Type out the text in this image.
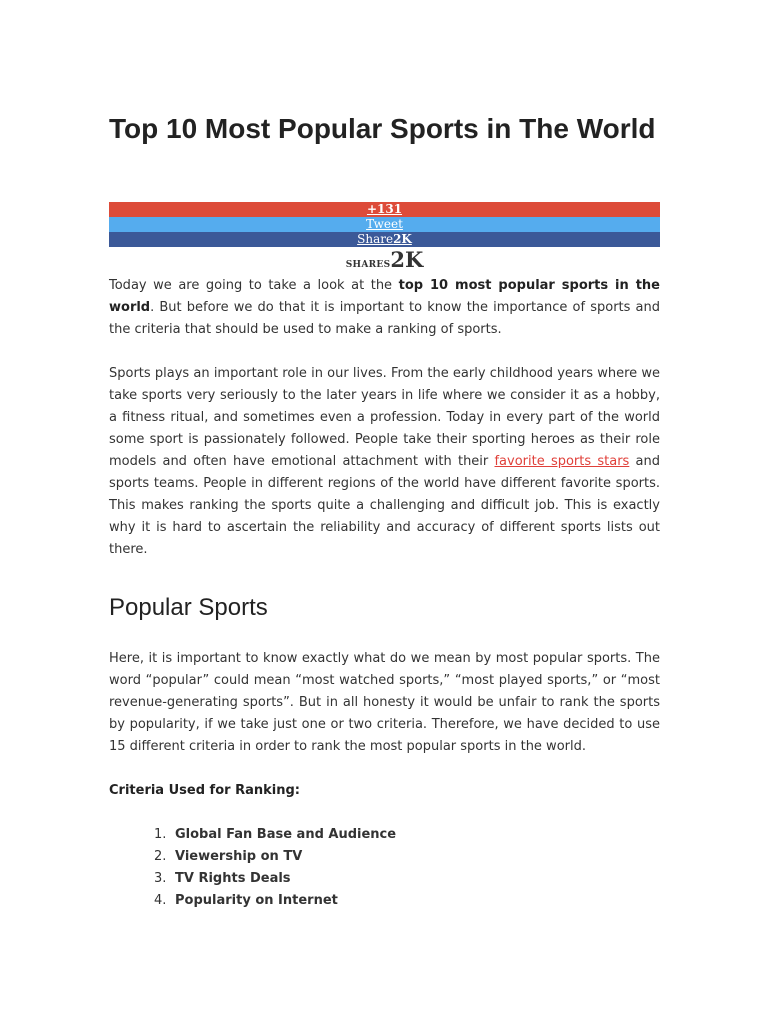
Top 10 Most Popular Sports in The World
+131
Tweet
Share2K
SHARES2K

Today we are going to take a look at the top 10 most popular sports in the world. But before we do that it is important to know the importance of sports and the criteria that should be used to make a ranking of sports.

Sports plays an important role in our lives. From the early childhood years where we take sports very seriously to the later years in life where we consider it as a hobby, a fitness ritual, and sometimes even a profession. Today in every part of the world some sport is passionately followed. People take their sporting heroes as their role models and often have emotional attachment with their favorite sports stars and sports teams. People in different regions of the world have different favorite sports. This makes ranking the sports quite a challenging and difficult job. This is exactly why it is hard to ascertain the reliability and accuracy of different sports lists out there.

Popular Sports

Here, it is important to know exactly what do we mean by most popular sports. The word “popular” could mean “most watched sports,” “most played sports,” or “most revenue-generating sports”. But in all honesty it would be unfair to rank the sports by popularity, if we take just one or two criteria. Therefore, we have decided to use 15 different criteria in order to rank the most popular sports in the world.

Criteria Used for Ranking:

1. Global Fan Base and Audience
2. Viewership on TV
3. TV Rights Deals
4. Popularity on Internet
